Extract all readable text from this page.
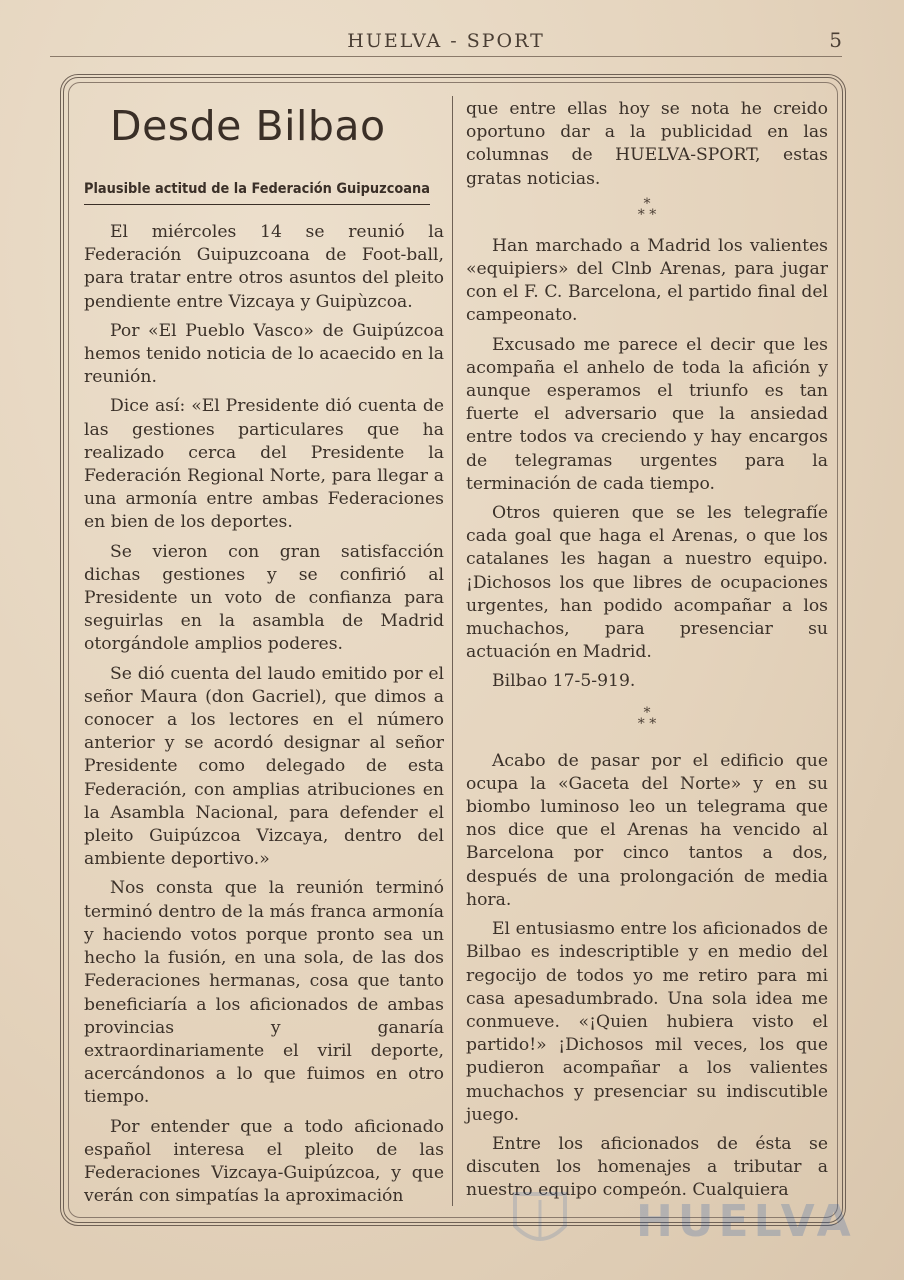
HUELVA - SPORT	5

Desde Bilbao

Plausible actitud de la Federación Guipuzcoana

El miércoles 14 se reunió la Federación Guipuzcoana de Foot-ball, para tratar entre otros asuntos del pleito pendiente entre Vizcaya y Guipùzcoa.

Por «El Pueblo Vasco» de Guipúzcoa hemos tenido noticia de lo acaecido en la reunión.

Dice así: «El Presidente dió cuenta de las gestiones particulares que ha realizado cerca del Presidente la Federación Regional Norte, para llegar a una armonía entre ambas Federaciones en bien de los deportes.

Se vieron con gran satisfacción dichas gestiones y se confirió al Presidente un voto de confianza para seguirlas en la asambla de Madrid otorgándole amplios poderes.

Se dió cuenta del laudo emitido por el señor Maura (don Gacriel), que dimos a conocer a los lectores en el número anterior y se acordó designar al señor Presidente como delegado de esta Federación, con amplias atribuciones en la Asambla Nacional, para defender el pleito Guipúzcoa Vizcaya, dentro del ambiente deportivo.»

Nos consta que la reunión terminó terminó dentro de la más franca armonía y haciendo votos porque pronto sea un hecho la fusión, en una sola, de las dos Federaciones hermanas, cosa que tanto beneficiaría a los aficionados de ambas provincias y ganaría extraordinariamente el viril deporte, acercándonos a lo que fuimos en otro tiempo.

Por entender que a todo aficionado español interesa el pleito de las Federaciones Vizcaya-Guipúzcoa, y que verán con simpatías la aproximación

que entre ellas hoy se nota he creido oportuno dar a la publicidad en las columnas de HUELVA-SPORT, estas gratas noticias.

*
* *

Han marchado a Madrid los valientes «equipiers» del Clnb Arenas, para jugar con el F. C. Barcelona, el partido final del campeonato.

Excusado me parece el decir que les acompaña el anhelo de toda la afición y aunque esperamos el triunfo es tan fuerte el adversario que la ansiedad entre todos va creciendo y hay encargos de telegramas urgentes para la terminación de cada tiempo.

Otros quieren que se les telegrafíe cada goal que haga el Arenas, o que los catalanes les hagan a nuestro equipo. ¡Dichosos los que libres de ocupaciones urgentes, han podido acompañar a los muchachos, para presenciar su actuación en Madrid.

Bilbao 17-5-919.

*
* *

Acabo de pasar por el edificio que ocupa la «Gaceta del Norte» y en su biombo luminoso leo un telegrama que nos dice que el Arenas ha vencido al Barcelona por cinco tantos a dos, después de una prolongación de media hora.

El entusiasmo entre los aficionados de Bilbao es indescriptible y en medio del regocijo de todos yo me retiro para mi casa apesadumbrado. Una sola idea me conmueve. «¡Quien hubiera visto el partido!» ¡Dichosos mil veces, los que pudieron acompañar a los valientes muchachos y presenciar su indiscutible juego.

Entre los aficionados de ésta se discuten los homenajes a tributar a nuestro equipo compeón. Cualquiera

HUELVA
